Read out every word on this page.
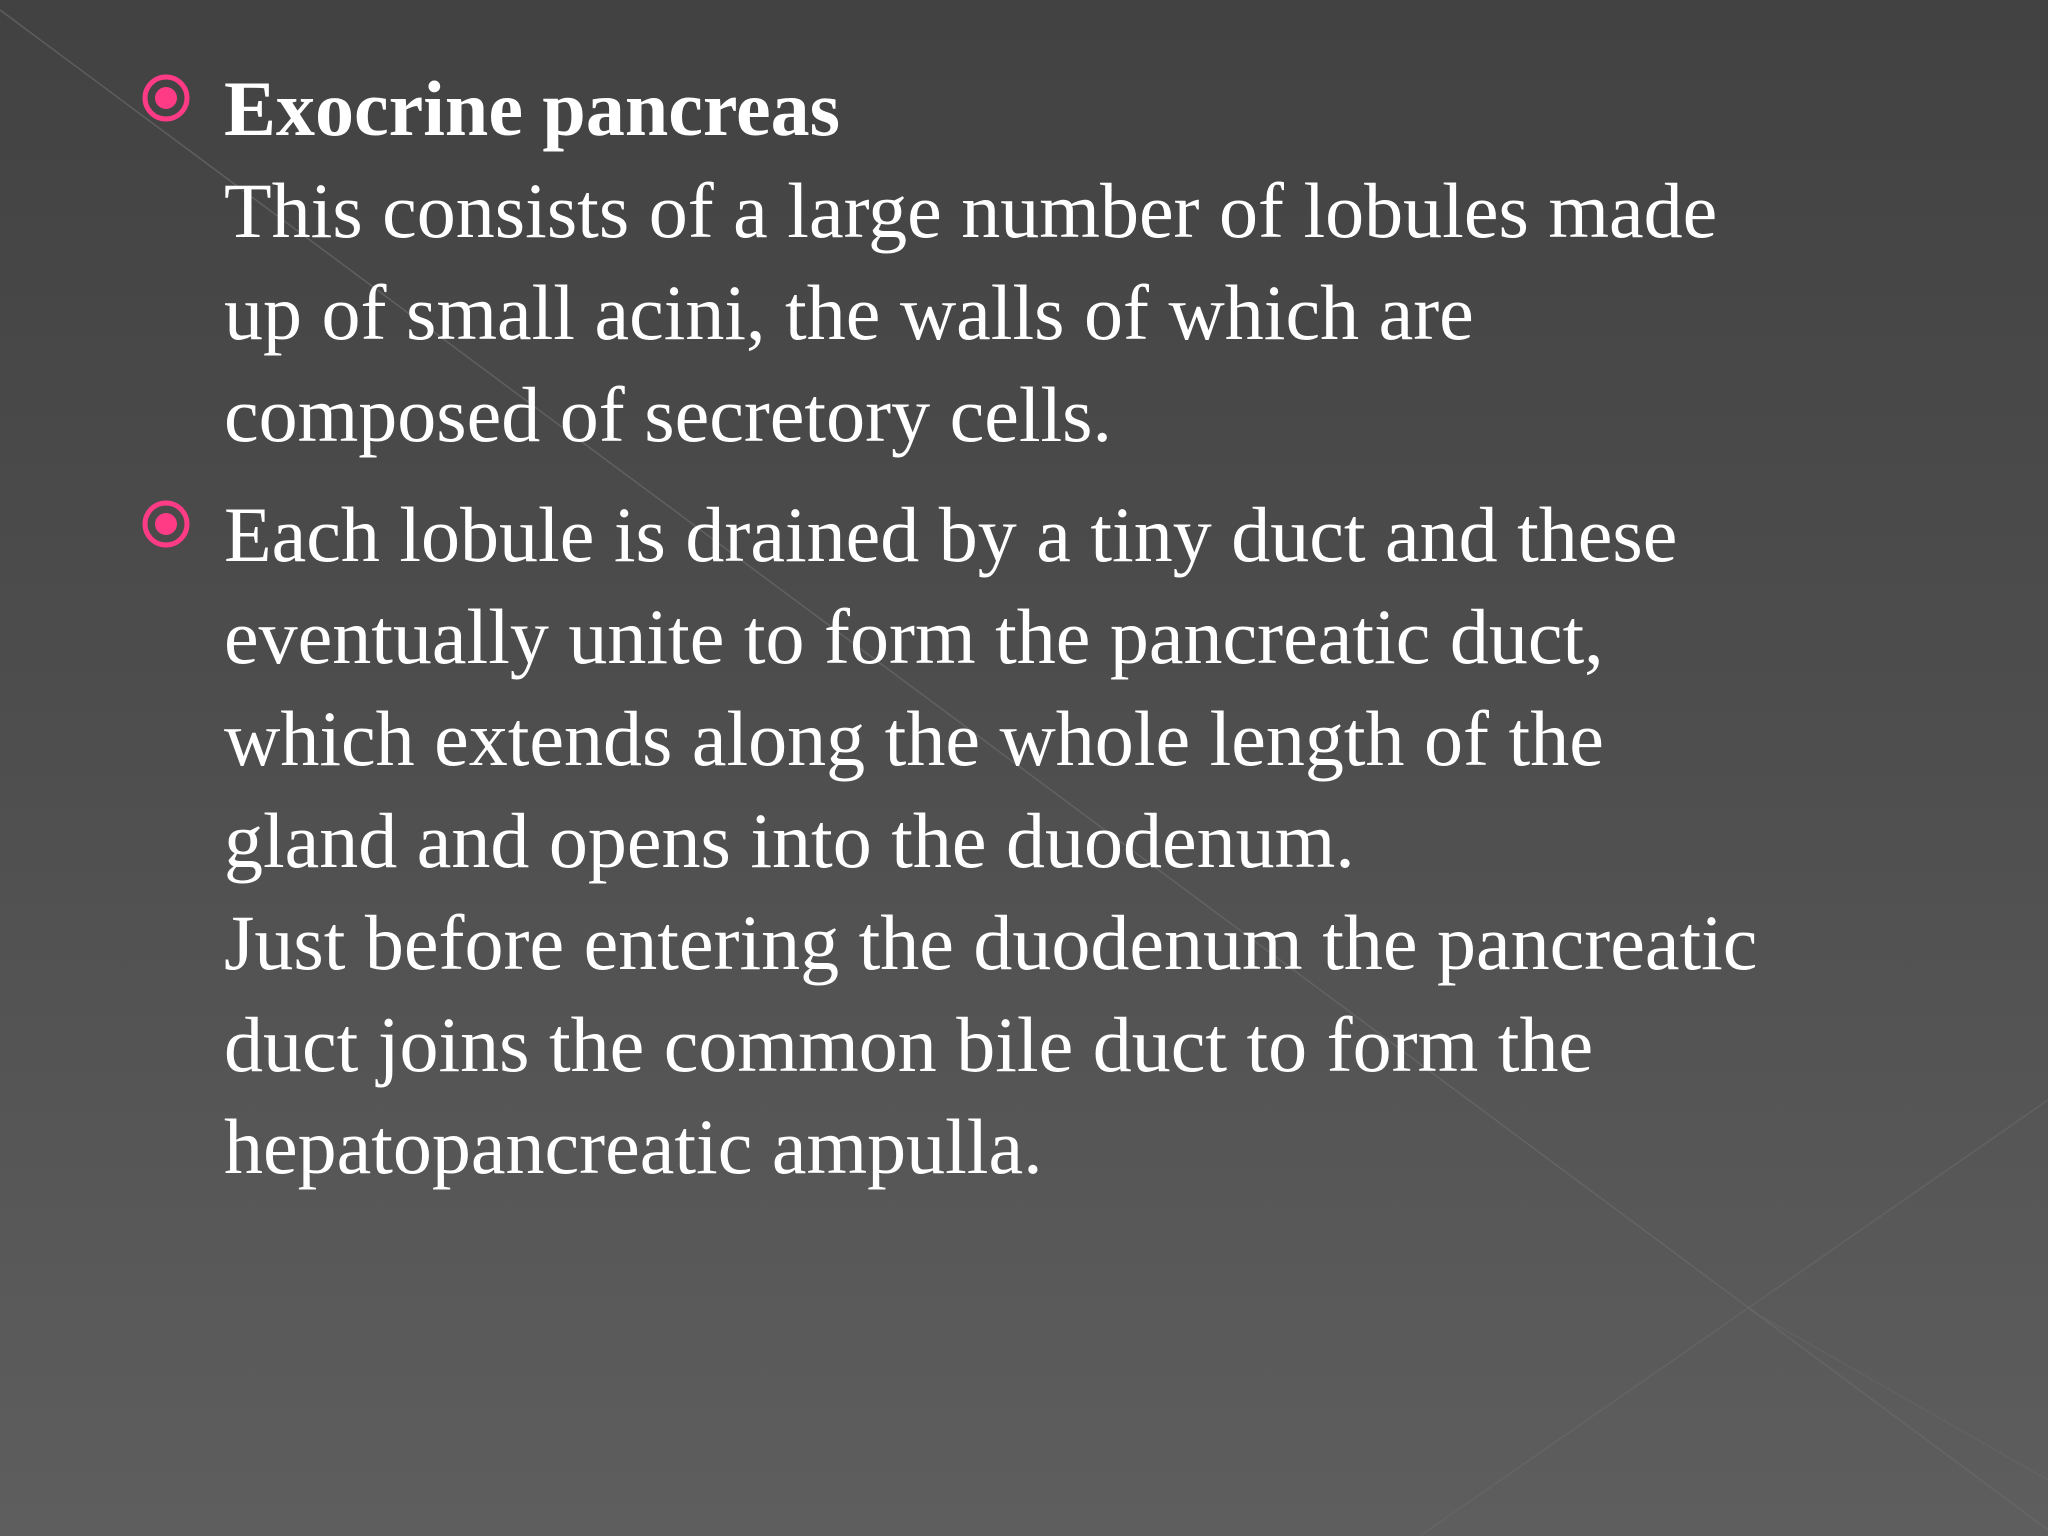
Exocrine pancreas
This consists of a large number of lobules made
up of small acini, the walls of which are
composed of secretory cells.
Each lobule is drained by a tiny duct and these
eventually unite to form the pancreatic duct,
which extends along the whole length of the
gland and opens into the duodenum.
Just before entering the duodenum the pancreatic
duct joins the common bile duct to form the
hepatopancreatic ampulla.
